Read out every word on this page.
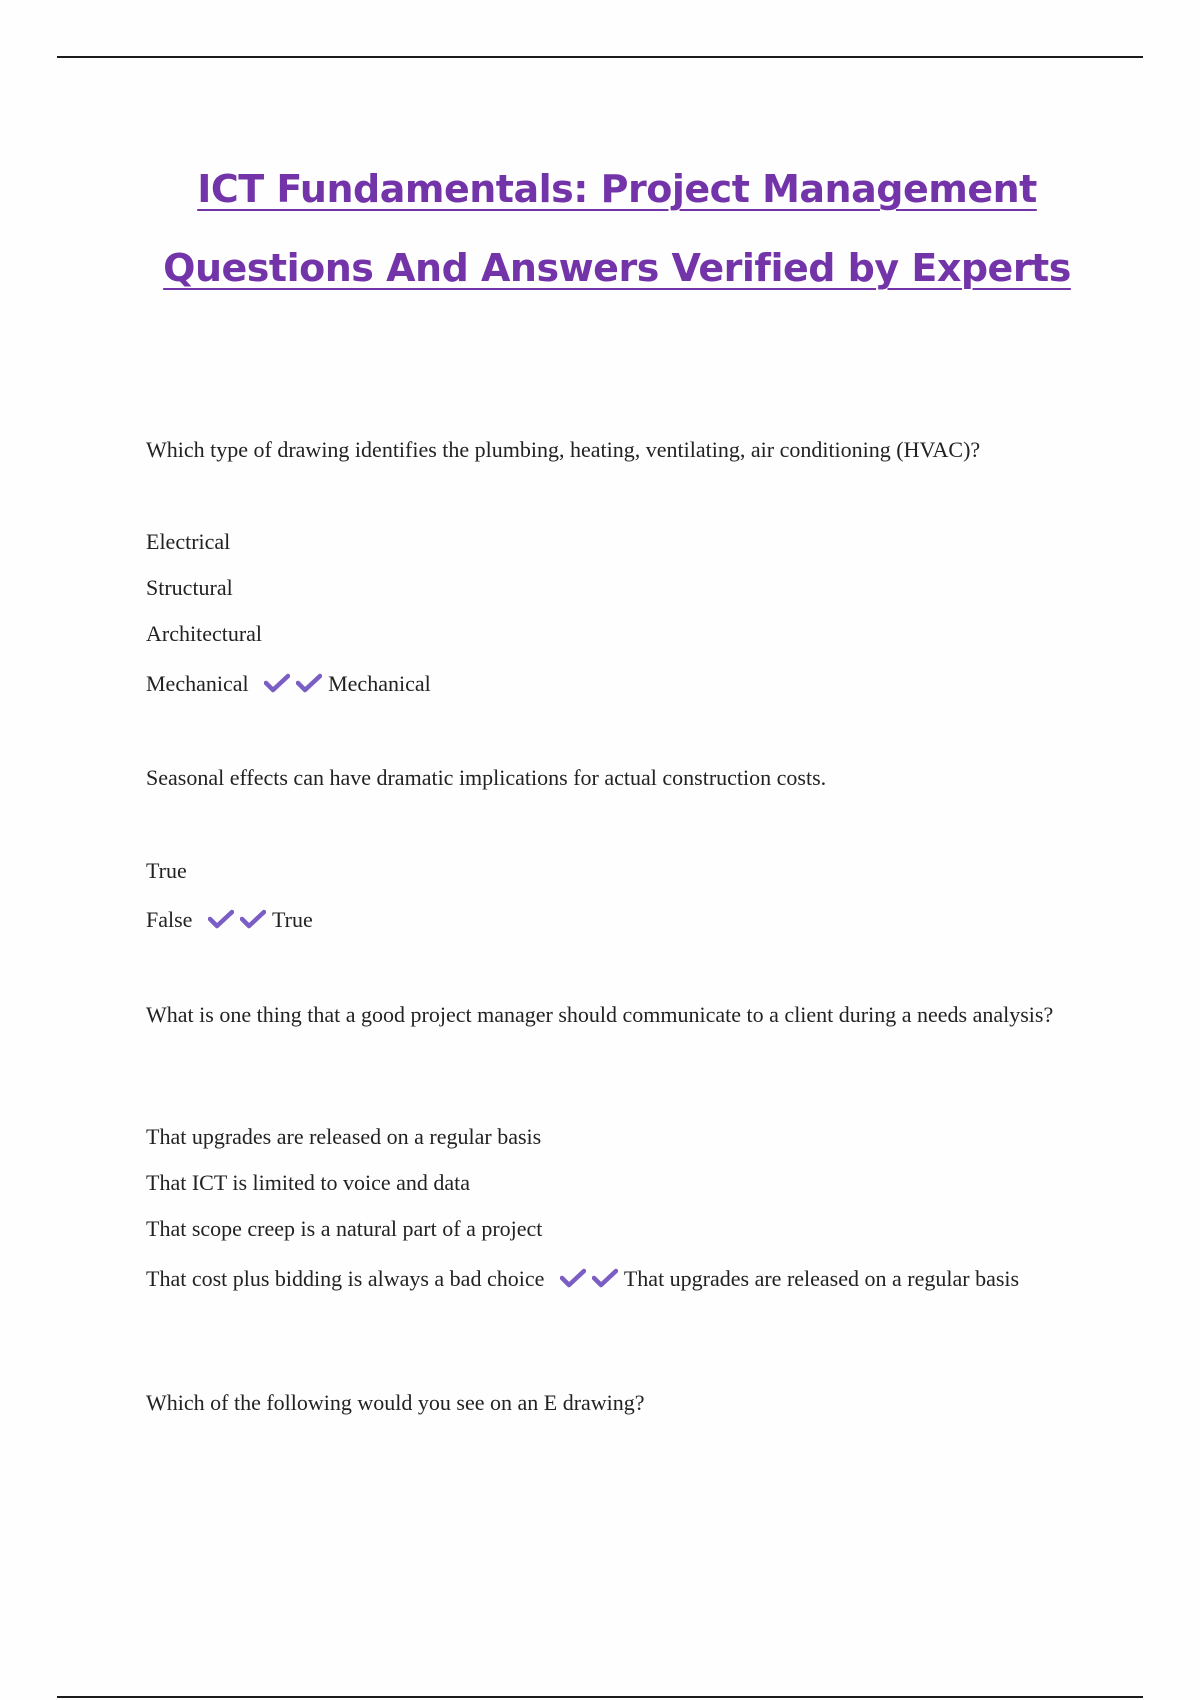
ICT Fundamentals: Project Management
Questions And Answers Verified by Experts

Which type of drawing identifies the plumbing, heating, ventilating, air conditioning (HVAC)?

Electrical

Structural

Architectural

Mechanical	Mechanical

Seasonal effects can have dramatic implications for actual construction costs.

True

False	True

What is one thing that a good project manager should communicate to a client during a needs analysis?

That upgrades are released on a regular basis

That ICT is limited to voice and data

That scope creep is a natural part of a project

That cost plus bidding is always a bad choice	That upgrades are released on a regular basis

Which of the following would you see on an E drawing?
